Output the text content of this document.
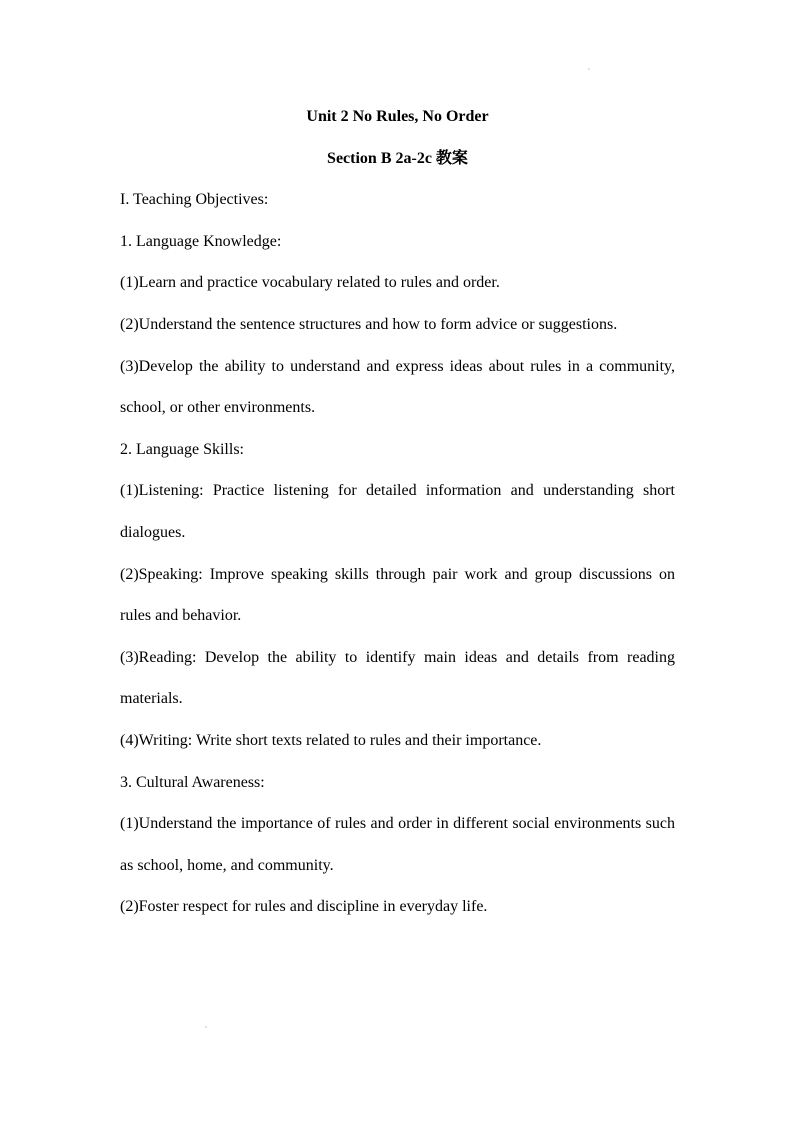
Unit 2 No Rules, No Order
Section B 2a-2c 教案

I. Teaching Objectives:

1. Language Knowledge:

(1)Learn and practice vocabulary related to rules and order.

(2)Understand the sentence structures and how to form advice or suggestions.

(3)Develop the ability to understand and express ideas about rules in a community, school, or other environments.

2. Language Skills:

(1)Listening: Practice listening for detailed information and understanding short dialogues.

(2)Speaking: Improve speaking skills through pair work and group discussions on rules and behavior.

(3)Reading: Develop the ability to identify main ideas and details from reading materials.

(4)Writing: Write short texts related to rules and their importance.

3. Cultural Awareness:

(1)Understand the importance of rules and order in different social environments such as school, home, and community.

(2)Foster respect for rules and discipline in everyday life.
